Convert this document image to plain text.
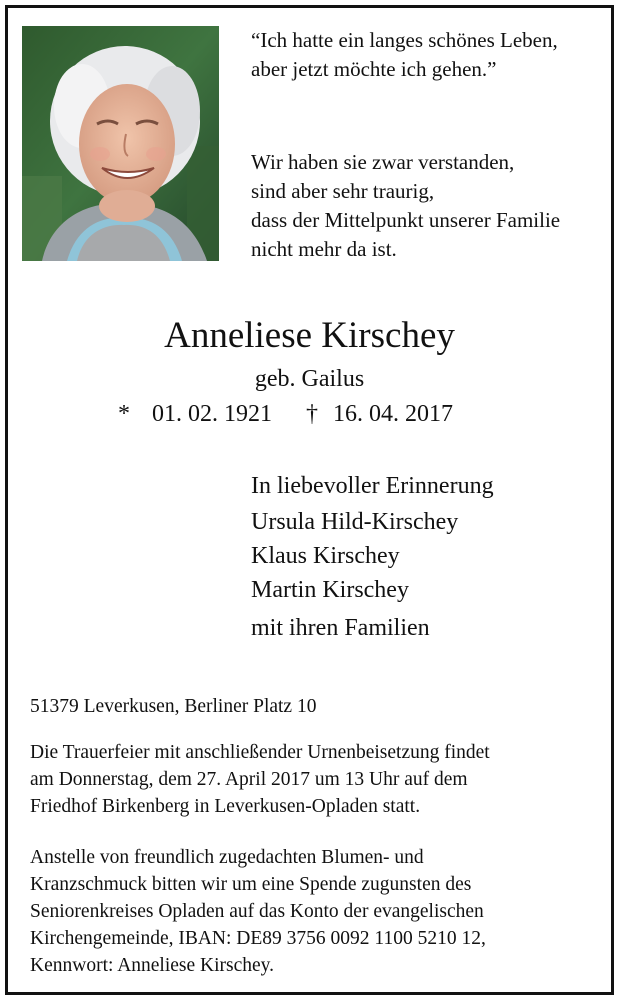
“Ich hatte ein langes schönes Leben,
aber jetzt möchte ich gehen.”
Wir haben sie zwar verstanden,
sind aber sehr traurig,
dass der Mittelpunkt unserer Familie
nicht mehr da ist.
Anneliese Kirschey
geb. Gailus
* 01. 02. 1921 † 16. 04. 2017
In liebevoller Erinnerung
Ursula Hild-Kirschey
Klaus Kirschey
Martin Kirschey
mit ihren Familien
51379 Leverkusen, Berliner Platz 10
Die Trauerfeier mit anschließender Urnenbeisetzung findet
am Donnerstag, dem 27. April 2017 um 13 Uhr auf dem
Friedhof Birkenberg in Leverkusen-Opladen statt.
Anstelle von freundlich zugedachten Blumen- und
Kranzschmuck bitten wir um eine Spende zugunsten des
Seniorenkreises Opladen auf das Konto der evangelischen
Kirchengemeinde, IBAN: DE89 3756 0092 1100 5210 12,
Kennwort: Anneliese Kirschey.
